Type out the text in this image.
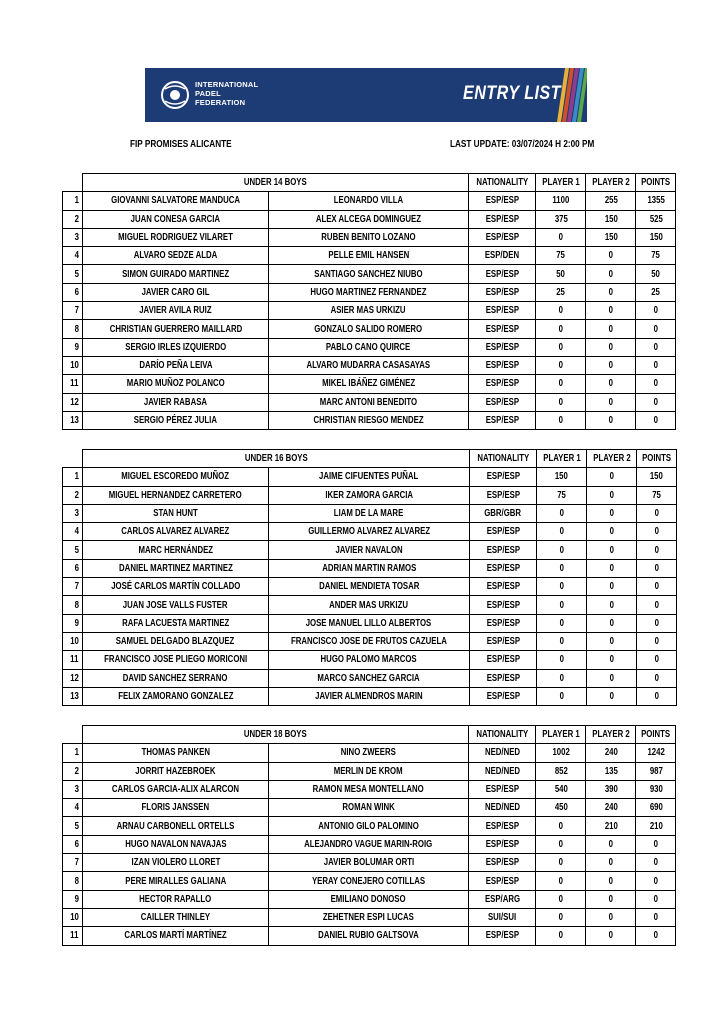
INTERNATIONAL
PADEL
FEDERATION	ENTRY LIST
FIP PROMISES ALICANTE	LAST UPDATE: 03/07/2024 H 2:00 PM
	UNDER 14 BOYS		NATIONALITY	PLAYER 1	PLAYER 2	POINTS
1	GIOVANNI SALVATORE MANDUCA	LEONARDO VILLA	ESP/ESP	1100	255	1355
2	JUAN CONESA GARCIA	ALEX ALCEGA DOMINGUEZ	ESP/ESP	375	150	525
3	MIGUEL RODRIGUEZ VILARET	RUBEN BENITO LOZANO	ESP/ESP	0	150	150
4	ALVARO SEDZE ALDA	PELLE EMIL HANSEN	ESP/DEN	75	0	75
5	SIMON GUIRADO MARTINEZ	SANTIAGO SANCHEZ NIUBO	ESP/ESP	50	0	50
6	JAVIER CARO GIL	HUGO MARTINEZ FERNANDEZ	ESP/ESP	25	0	25
7	JAVIER AVILA RUIZ	ASIER MAS URKIZU	ESP/ESP	0	0	0
8	CHRISTIAN GUERRERO MAILLARD	GONZALO SALIDO ROMERO	ESP/ESP	0	0	0
9	SERGIO IRLES IZQUIERDO	PABLO CANO QUIRCE	ESP/ESP	0	0	0
10	DARÍO PEÑA LEIVA	ALVARO MUDARRA CASASAYAS	ESP/ESP	0	0	0
11	MARIO MUÑOZ POLANCO	MIKEL IBÁÑEZ GIMÉNEZ	ESP/ESP	0	0	0
12	JAVIER RABASA	MARC ANTONI BENEDITO	ESP/ESP	0	0	0
13	SERGIO PÉREZ JULIA	CHRISTIAN RIESGO MENDEZ	ESP/ESP	0	0	0
	UNDER 16 BOYS		NATIONALITY	PLAYER 1	PLAYER 2	POINTS
1	MIGUEL ESCOREDO MUÑOZ	JAIME CIFUENTES PUÑAL	ESP/ESP	150	0	150
2	MIGUEL HERNANDEZ CARRETERO	IKER ZAMORA GARCIA	ESP/ESP	75	0	75
3	STAN HUNT	LIAM DE LA MARE	GBR/GBR	0	0	0
4	CARLOS ALVAREZ ALVAREZ	GUILLERMO ALVAREZ ALVAREZ	ESP/ESP	0	0	0
5	MARC HERNÁNDEZ	JAVIER NAVALON	ESP/ESP	0	0	0
6	DANIEL MARTINEZ MARTINEZ	ADRIAN MARTIN RAMOS	ESP/ESP	0	0	0
7	JOSÉ CARLOS MARTÍN COLLADO	DANIEL MENDIETA TOSAR	ESP/ESP	0	0	0
8	JUAN JOSE VALLS FUSTER	ANDER MAS URKIZU	ESP/ESP	0	0	0
9	RAFA LACUESTA MARTINEZ	JOSE MANUEL LILLO ALBERTOS	ESP/ESP	0	0	0
10	SAMUEL DELGADO BLAZQUEZ	FRANCISCO JOSE DE FRUTOS CAZUELA	ESP/ESP	0	0	0
11	FRANCISCO JOSE PLIEGO MORICONI	HUGO PALOMO MARCOS	ESP/ESP	0	0	0
12	DAVID SANCHEZ SERRANO	MARCO SANCHEZ GARCIA	ESP/ESP	0	0	0
13	FELIX ZAMORANO GONZALEZ	JAVIER ALMENDROS MARIN	ESP/ESP	0	0	0
	UNDER 18 BOYS		NATIONALITY	PLAYER 1	PLAYER 2	POINTS
1	THOMAS PANKEN	NINO ZWEERS	NED/NED	1002	240	1242
2	JORRIT HAZEBROEK	MERLIN DE KROM	NED/NED	852	135	987
3	CARLOS GARCIA-ALIX ALARCON	RAMON MESA MONTELLANO	ESP/ESP	540	390	930
4	FLORIS JANSSEN	ROMAN WINK	NED/NED	450	240	690
5	ARNAU CARBONELL ORTELLS	ANTONIO GILO PALOMINO	ESP/ESP	0	210	210
6	HUGO NAVALON NAVAJAS	ALEJANDRO VAGUE MARIN-ROIG	ESP/ESP	0	0	0
7	IZAN VIOLERO LLORET	JAVIER BOLUMAR ORTI	ESP/ESP	0	0	0
8	PERE MIRALLES GALIANA	YERAY CONEJERO COTILLAS	ESP/ESP	0	0	0
9	HECTOR RAPALLO	EMILIANO DONOSO	ESP/ARG	0	0	0
10	CAILLER THINLEY	ZEHETNER ESPI LUCAS	SUI/SUI	0	0	0
11	CARLOS MARTÍ MARTÍNEZ	DANIEL RUBIO GALTSOVA	ESP/ESP	0	0	0
